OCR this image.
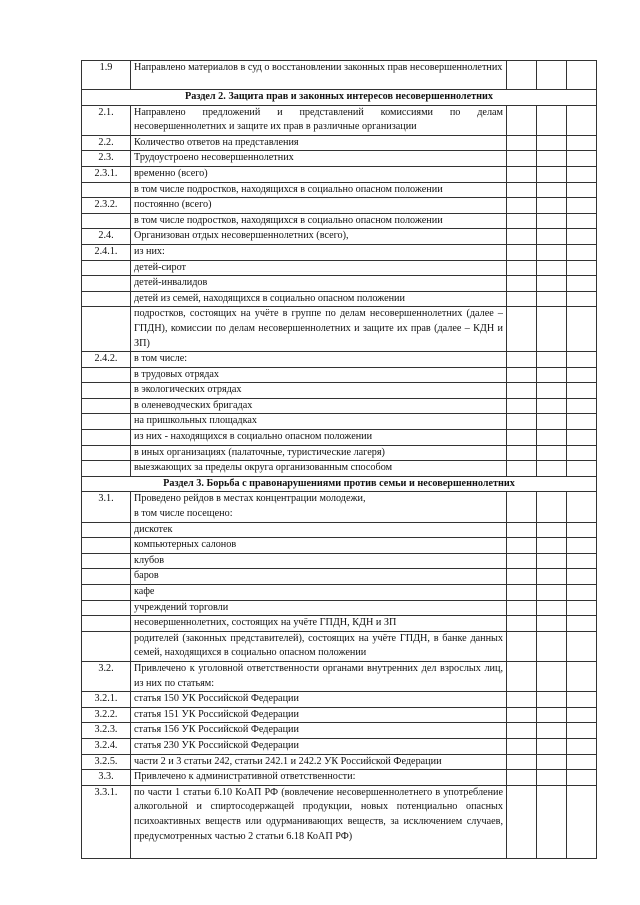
1.9	Направлено материалов в суд о восстановлении законных прав несовершеннолетних			
Раздел 2. Защита прав и законных интересов несовершеннолетних				
2.1.	Направлено предложений и представлений комиссиями по делам несовершеннолетних и защите их прав в различные организации			
2.2.	Количество ответов на представления			
2.3.	Трудоустроено несовершеннолетних			
2.3.1.	временно (всего)			
	в том числе подростков, находящихся в социально опасном положении			
2.3.2.	постоянно (всего)			
	в том числе подростков, находящихся в социально опасном положении			
2.4.	Организован отдых несовершеннолетних (всего),			
2.4.1.	из них:			
	детей-сирот			
	детей-инвалидов			
	детей из семей, находящихся в социально опасном положении			
	подростков, состоящих на учёте в группе по делам несовершеннолетних (далее – ГПДН), комиссии по делам несовершеннолетних и защите их прав (далее – КДН и ЗП)			
2.4.2.	в том числе:			
	в трудовых отрядах			
	в экологических отрядах			
	в оленеводческих бригадах			
	на пришкольных площадках			
	из них - находящихся в социально опасном положении			
	в иных организациях (палаточные, туристические лагеря)			
	выезжающих за пределы округа организованным способом			
Раздел 3. Борьба с правонарушениями против семьи и несовершеннолетних				
3.1.	Проведено рейдов в местах концентрации молодежи,
в том числе посещено:			
	дискотек			
	компьютерных салонов			
	клубов			
	баров			
	кафе			
	учреждений торговли			
	несовершеннолетних, состоящих на учёте ГПДН, КДН и ЗП			
	родителей (законных представителей), состоящих на учёте ГПДН, в банке данных семей, находящихся в социально опасном положении			
3.2.	Привлечено к уголовной ответственности органами внутренних дел взрослых лиц, из них по статьям:			
3.2.1.	статья 150 УК Российской Федерации			
3.2.2.	статья 151 УК Российской Федерации			
3.2.3.	статья 156 УК Российской Федерации			
3.2.4.	статья 230 УК Российской Федерации			
3.2.5.	части 2 и 3 статьи 242, статьи 242.1 и 242.2 УК Российской Федерации			
3.3.	Привлечено к административной ответственности:			
3.3.1.	по части 1 статьи 6.10 КоАП РФ (вовлечение несовершеннолетнего в употребление алкогольной и спиртосодержащей продукции, новых потенциально опасных психоактивных веществ или одурманивающих веществ, за исключением случаев, предусмотренных частью 2 статьи 6.18 КоАП РФ)			
